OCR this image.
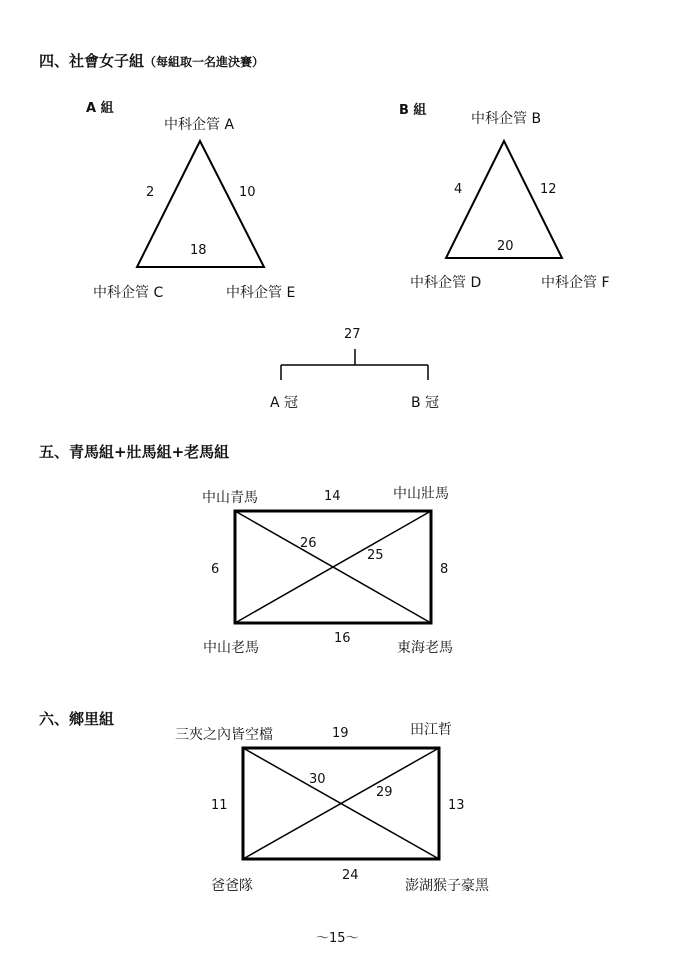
四、社會女子組（每組取一名進決賽）
A 組
中科企管 A
2	10
18
中科企管 C	中科企管 E
B 組
中科企管 B
4	12
20
中科企管 D	中科企管 F
27
A 冠	B 冠
五、青馬組+壯馬組+老馬組
中山青馬	中山壯馬
14
26
25
6	8
16
中山老馬	東海老馬
六、鄉里組
三夾之內皆空檔	田江哲
19
30
29
11	13
24
爸爸隊	澎湖猴子豪黑
～15～
